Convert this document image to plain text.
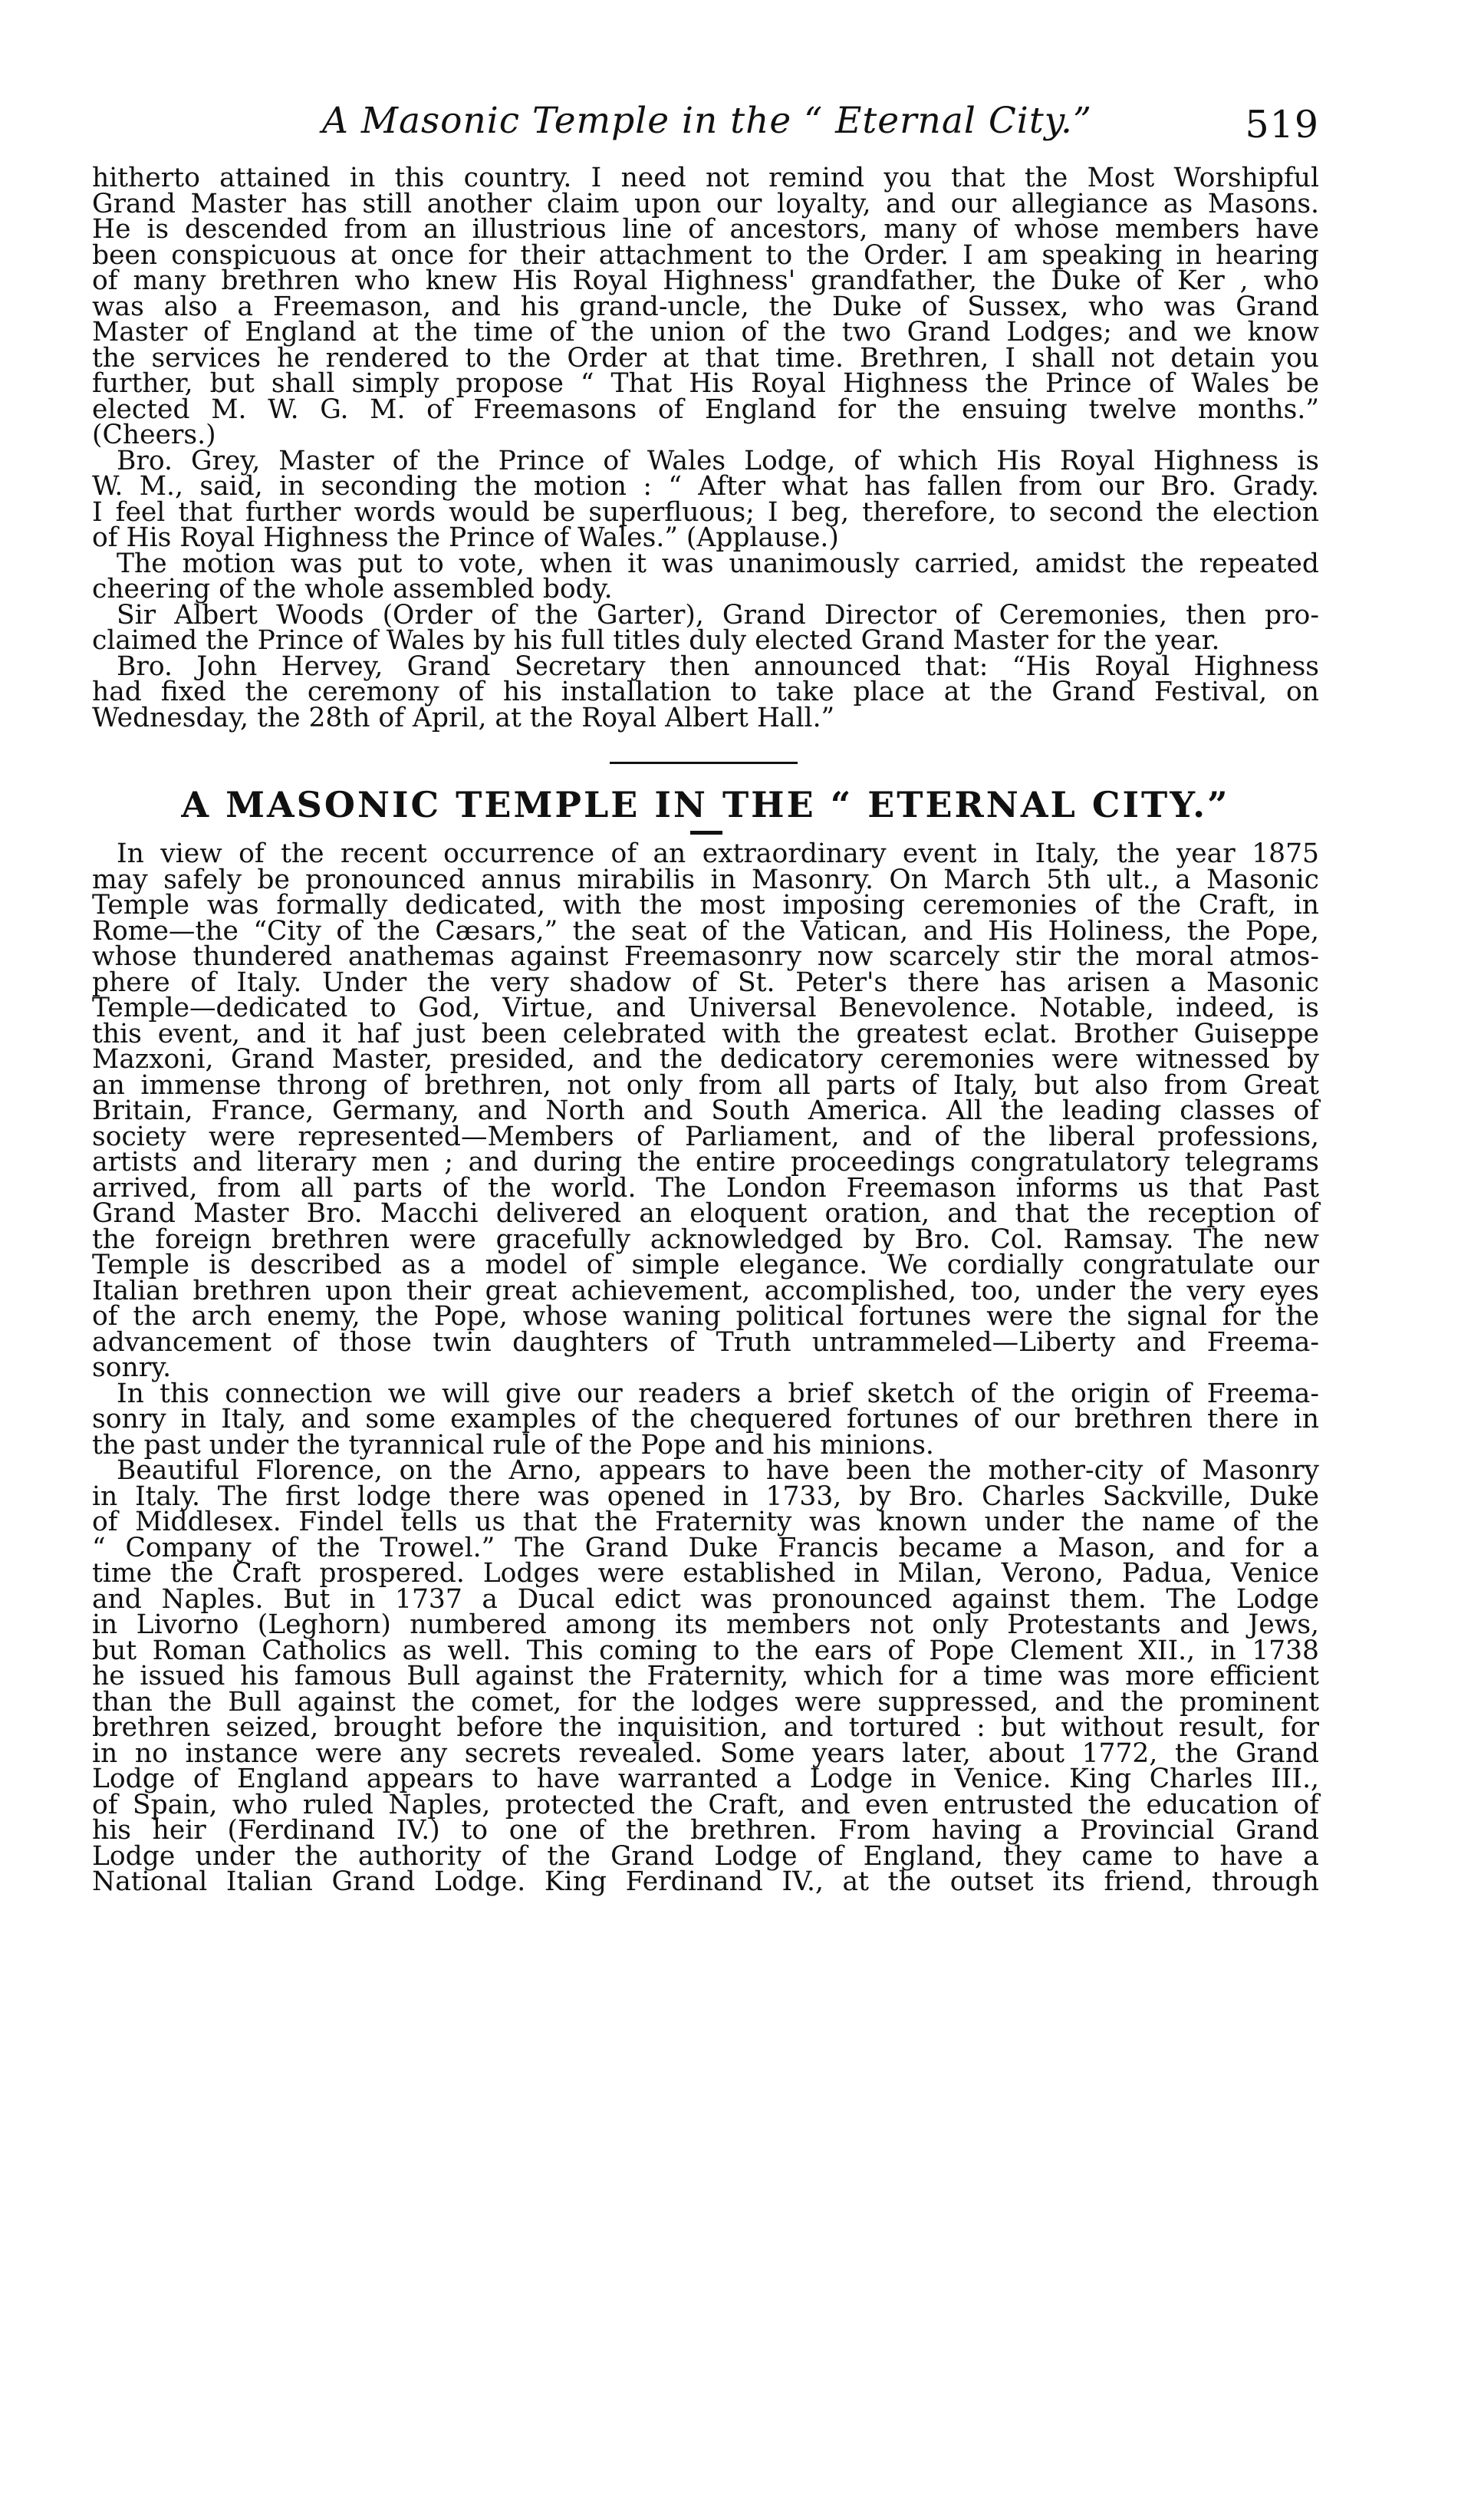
A Masonic Temple in the “ Eternal City.”	519

hitherto attained in this country. I need not remind you that the Most Worshipful

Grand Master has still another claim upon our loyalty, and our allegiance as Masons.

He is descended from an illustrious line of ancestors, many of whose members have

been conspicuous at once for their attachment to the Order. I am speaking in hearing

of many brethren who knew His Royal Highness' grandfather, the Duke of Ker , who

was also a Freemason, and his grand-uncle, the Duke of Sussex, who was Grand

Master of England at the time of the union of the two Grand Lodges; and we know

the services he rendered to the Order at that time. Brethren, I shall not detain you

further, but shall simply propose “ That His Royal Highness the Prince of Wales be

elected M. W. G. M. of Freemasons of England for the ensuing twelve months.”

(Cheers.)

Bro. Grey, Master of the Prince of Wales Lodge, of which His Royal Highness is

W. M., said, in seconding the motion : “ After what has fallen from our Bro. Grady.

I feel that further words would be superfluous; I beg, therefore, to second the election

of His Royal Highness the Prince of Wales.” (Applause.)

The motion was put to vote, when it was unanimously carried, amidst the repeated

cheering of the whole assembled body.

Sir Albert Woods (Order of the Garter), Grand Director of Ceremonies, then pro-

claimed the Prince of Wales by his full titles duly elected Grand Master for the year.

Bro. John Hervey, Grand Secretary then announced that: “His Royal Highness

had fixed the ceremony of his installation to take place at the Grand Festival, on

Wednesday, the 28th of April, at the Royal Albert Hall.”

A MASONIC TEMPLE IN THE “ ETERNAL CITY.”

In view of the recent occurrence of an extraordinary event in Italy, the year 1875

may safely be pronounced annus mirabilis in Masonry. On March 5th ult., a Masonic

Temple was formally dedicated, with the most imposing ceremonies of the Craft, in

Rome—the “City of the Cæsars,” the seat of the Vatican, and His Holiness, the Pope,

whose thundered anathemas against Freemasonry now scarcely stir the moral atmos-

phere of Italy. Under the very shadow of St. Peter's there has arisen a Masonic

Temple—dedicated to God, Virtue, and Universal Benevolence. Notable, indeed, is

this event, and it haf just been celebrated with the greatest eclat. Brother Guiseppe

Mazxoni, Grand Master, presided, and the dedicatory ceremonies were witnessed by

an immense throng of brethren, not only from all parts of Italy, but also from Great

Britain, France, Germany, and North and South America. All the leading classes of

society were represented—Members of Parliament, and of the liberal professions,

artists and literary men ; and during the entire proceedings congratulatory telegrams

arrived, from all parts of the world. The London Freemason informs us that Past

Grand Master Bro. Macchi delivered an eloquent oration, and that the reception of

the foreign brethren were gracefully acknowledged by Bro. Col. Ramsay. The new

Temple is described as a model of simple elegance. We cordially congratulate our

Italian brethren upon their great achievement, accomplished, too, under the very eyes

of the arch enemy, the Pope, whose waning political fortunes were the signal for the

advancement of those twin daughters of Truth untrammeled—Liberty and Freema-

sonry.

In this connection we will give our readers a brief sketch of the origin of Freema-

sonry in Italy, and some examples of the chequered fortunes of our brethren there in

the past under the tyrannical rule of the Pope and his minions.

Beautiful Florence, on the Arno, appears to have been the mother-city of Masonry

in Italy. The first lodge there was opened in 1733, by Bro. Charles Sackville, Duke

of Middlesex. Findel tells us that the Fraternity was known under the name of the

“ Company of the Trowel.” The Grand Duke Francis became a Mason, and for a

time the Craft prospered. Lodges were established in Milan, Verono, Padua, Venice

and Naples. But in 1737 a Ducal edict was pronounced against them. The Lodge

in Livorno (Leghorn) numbered among its members not only Protestants and Jews,

but Roman Catholics as well. This coming to the ears of Pope Clement XII., in 1738

he issued his famous Bull against the Fraternity, which for a time was more efficient

than the Bull against the comet, for the lodges were suppressed, and the prominent

brethren seized, brought before the inquisition, and tortured : but without result, for

in no instance were any secrets revealed. Some years later, about 1772, the Grand

Lodge of England appears to have warranted a Lodge in Venice. King Charles III.,

of Spain, who ruled Naples, protected the Craft, and even entrusted the education of

his heir (Ferdinand IV.) to one of the brethren. From having a Provincial Grand

Lodge under the authority of the Grand Lodge of England, they came to have a

National Italian Grand Lodge. King Ferdinand IV., at the outset its friend, through
